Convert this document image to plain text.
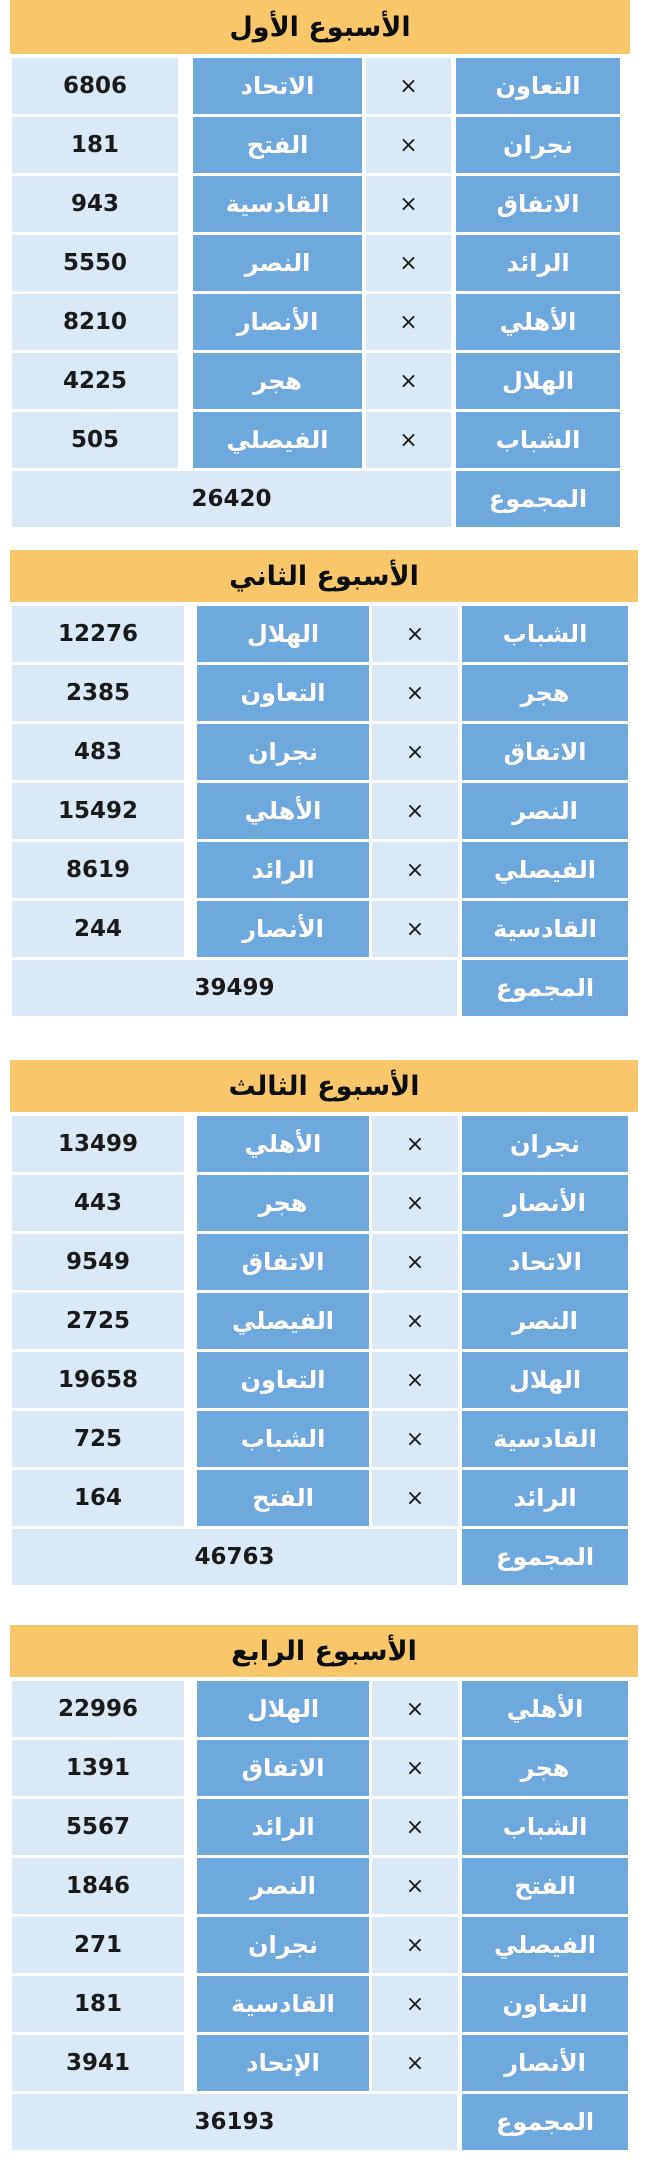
الأسبوع الأول
6806	الاتحاد	×	التعاون
181	الفتح	×	نجران
943	القادسية	×	الاتفاق
5550	النصر	×	الرائد
8210	الأنصار	×	الأهلي
4225	هجر	×	الهلال
505	الفيصلي	×	الشباب
26420	المجموع
الأسبوع الثاني
12276	الهلال	×	الشباب
2385	التعاون	×	هجر
483	نجران	×	الاتفاق
15492	الأهلي	×	النصر
8619	الرائد	×	الفيصلي
244	الأنصار	×	القادسية
39499	المجموع
الأسبوع الثالث
13499	الأهلي	×	نجران
443	هجر	×	الأنصار
9549	الاتفاق	×	الاتحاد
2725	الفيصلي	×	النصر
19658	التعاون	×	الهلال
725	الشباب	×	القادسية
164	الفتح	×	الرائد
46763	المجموع
الأسبوع الرابع
22996	الهلال	×	الأهلي
1391	الاتفاق	×	هجر
5567	الرائد	×	الشباب
1846	النصر	×	الفتح
271	نجران	×	الفيصلي
181	القادسية	×	التعاون
3941	الإتحاد	×	الأنصار
36193	المجموع
